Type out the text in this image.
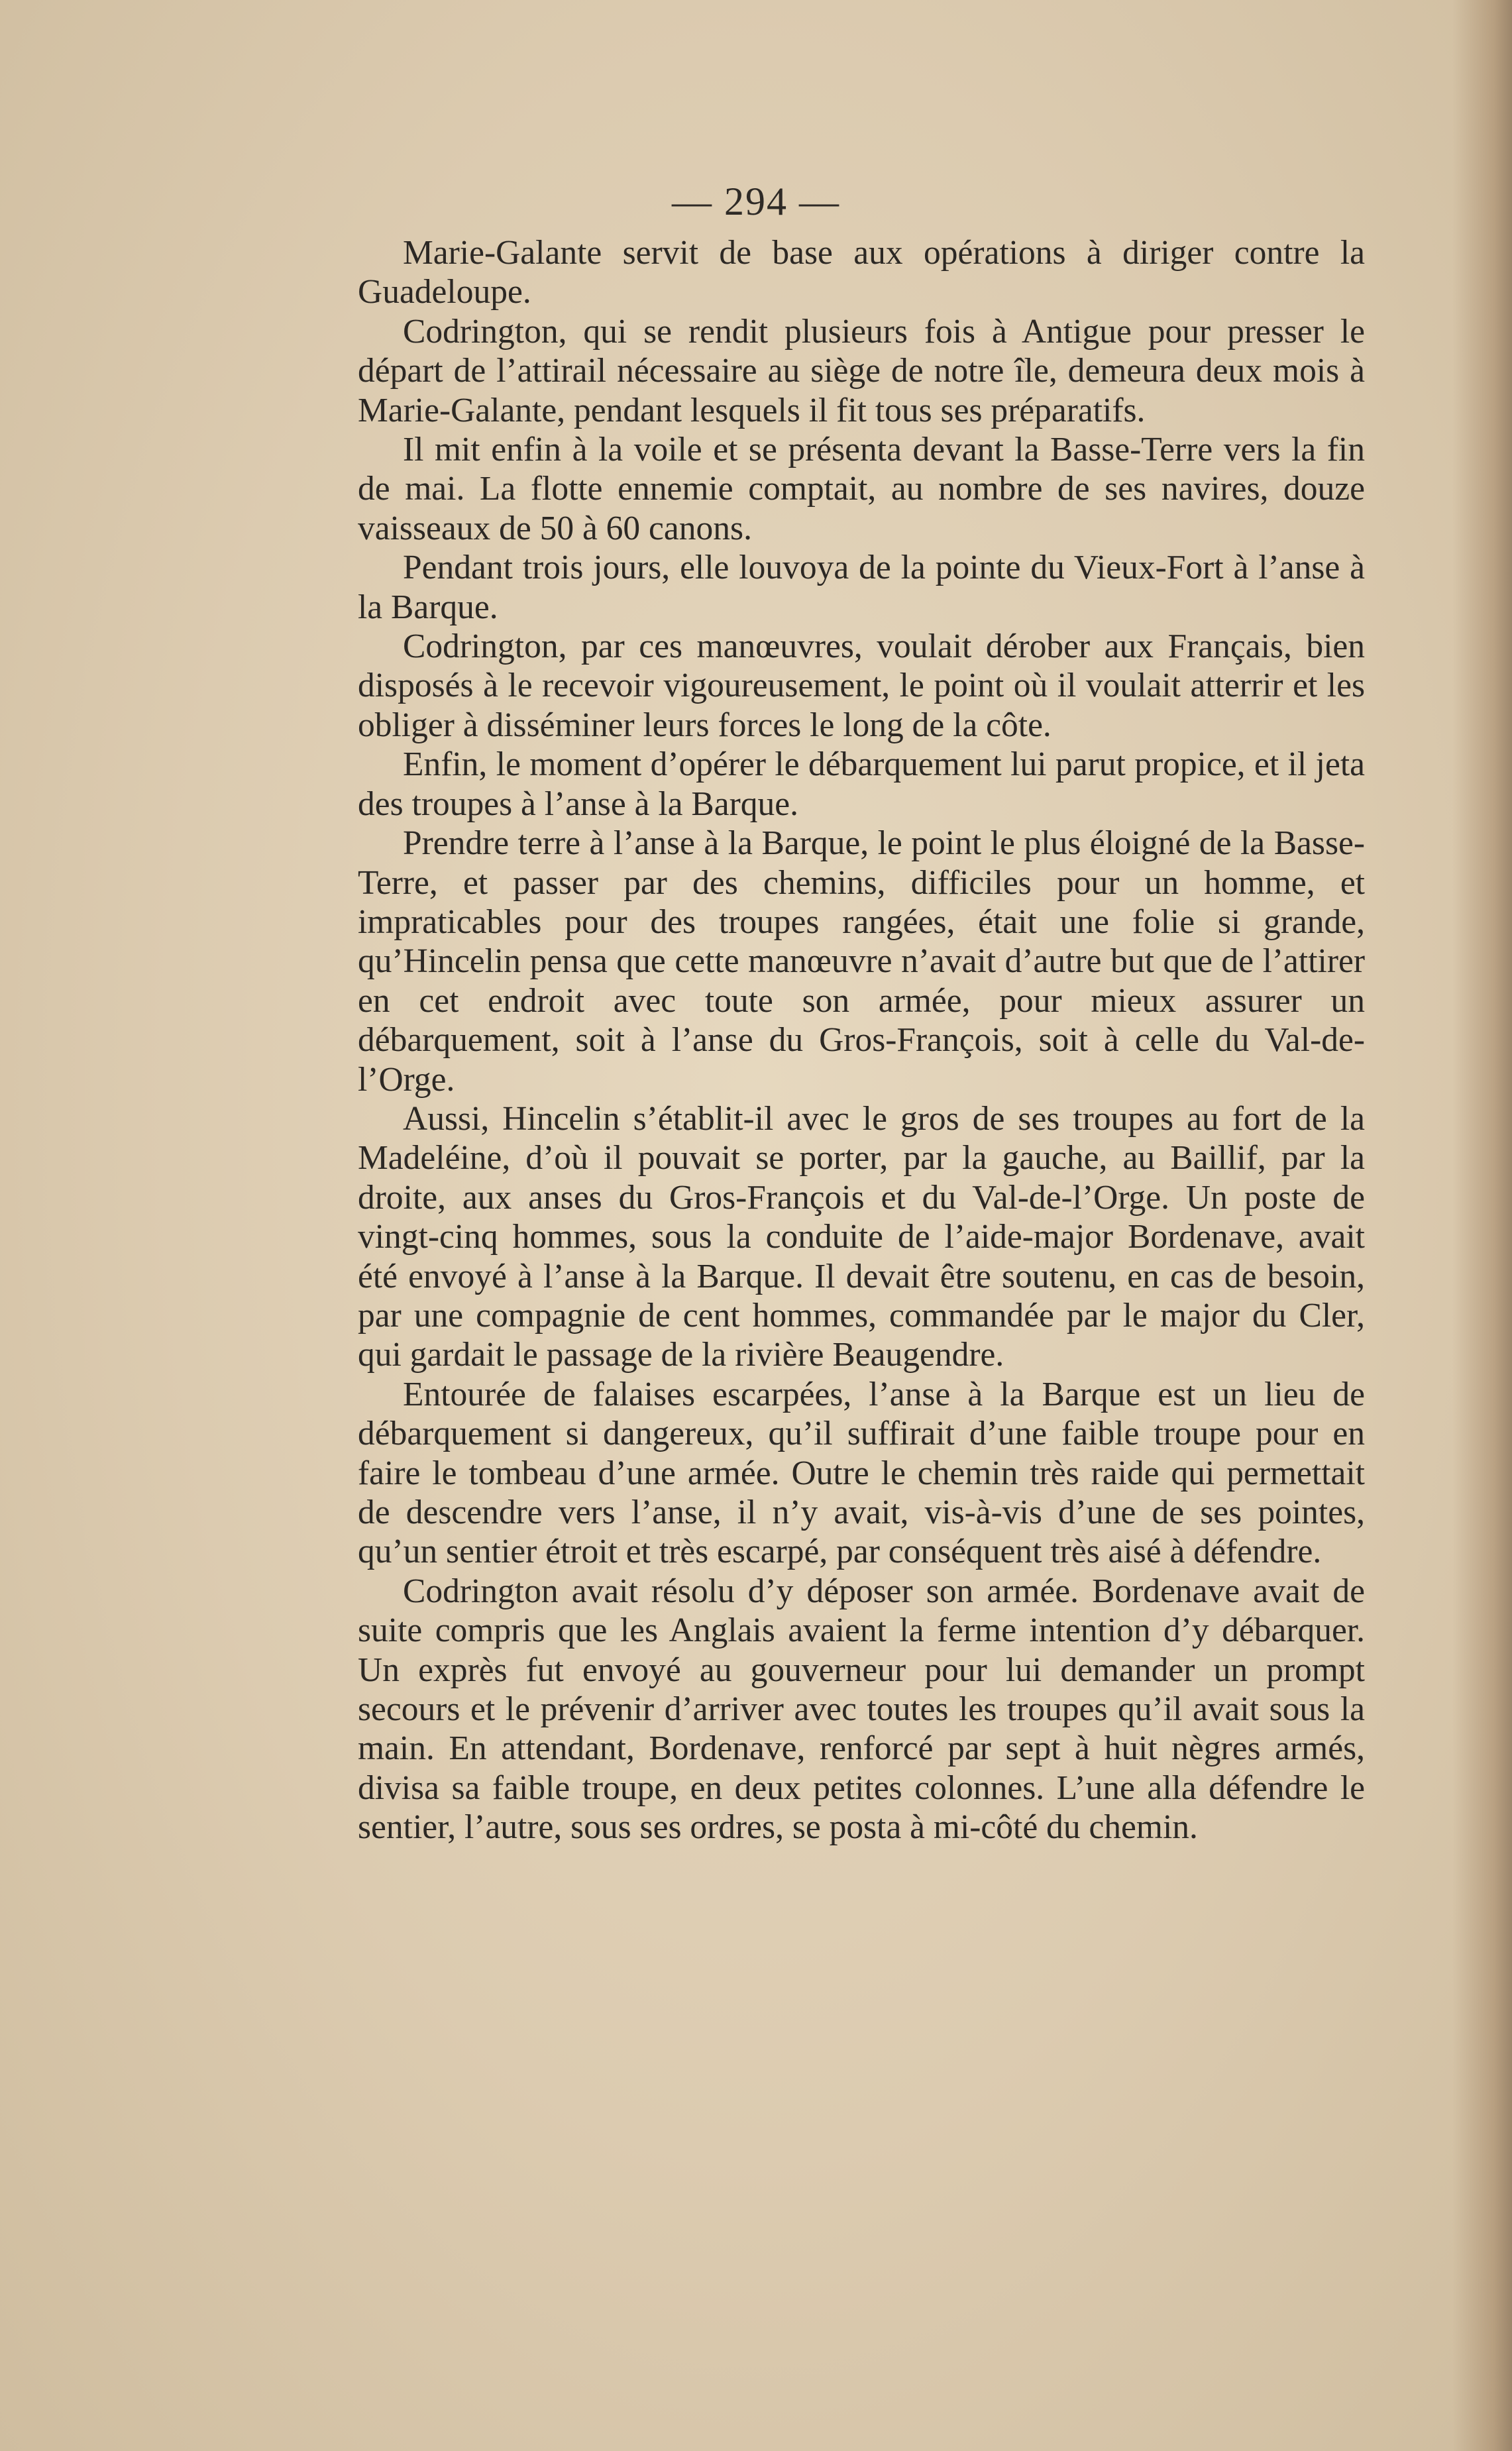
— 294 —

Marie-Galante servit de base aux opérations à diriger contre la Guadeloupe.

Codrington, qui se rendit plusieurs fois à Antigue pour presser le départ de l’attirail nécessaire au siège de notre île, demeura deux mois à Marie-Galante, pendant lesquels il fit tous ses préparatifs.

Il mit enfin à la voile et se présenta devant la Basse-Terre vers la fin de mai. La flotte ennemie comptait, au nombre de ses navires, douze vaisseaux de 50 à 60 canons.

Pendant trois jours, elle louvoya de la pointe du Vieux-Fort à l’anse à la Barque.

Codrington, par ces manœuvres, voulait dérober aux Français, bien disposés à le recevoir vigoureusement, le point où il voulait atterrir et les obliger à disséminer leurs forces le long de la côte.

Enfin, le moment d’opérer le débarquement lui parut propice, et il jeta des troupes à l’anse à la Barque.

Prendre terre à l’anse à la Barque, le point le plus éloigné de la Basse-Terre, et passer par des chemins, difficiles pour un homme, et impraticables pour des troupes rangées, était une folie si grande, qu’Hincelin pensa que cette manœuvre n’avait d’autre but que de l’attirer en cet endroit avec toute son armée, pour mieux assurer un débarquement, soit à l’anse du Gros-François, soit à celle du Val-de-l’Orge.

Aussi, Hincelin s’établit-il avec le gros de ses troupes au fort de la Madeléine, d’où il pouvait se porter, par la gauche, au Baillif, par la droite, aux anses du Gros-François et du Val-de-l’Orge. Un poste de vingt-cinq hommes, sous la conduite de l’aide-major Bordenave, avait été envoyé à l’anse à la Barque. Il devait être soutenu, en cas de besoin, par une compagnie de cent hommes, commandée par le major du Cler, qui gardait le passage de la rivière Beaugendre.

Entourée de falaises escarpées, l’anse à la Barque est un lieu de débarquement si dangereux, qu’il suffirait d’une faible troupe pour en faire le tombeau d’une armée. Outre le chemin très raide qui permettait de descendre vers l’anse, il n’y avait, vis-à-vis d’une de ses pointes, qu’un sentier étroit et très escarpé, par conséquent très aisé à défendre.

Codrington avait résolu d’y déposer son armée. Bordenave avait de suite compris que les Anglais avaient la ferme intention d’y débarquer. Un exprès fut envoyé au gouverneur pour lui demander un prompt secours et le prévenir d’arriver avec toutes les troupes qu’il avait sous la main. En attendant, Bordenave, renforcé par sept à huit nègres armés, divisa sa faible troupe, en deux petites colonnes. L’une alla défendre le sentier, l’autre, sous ses ordres, se posta à mi-côté du chemin.
